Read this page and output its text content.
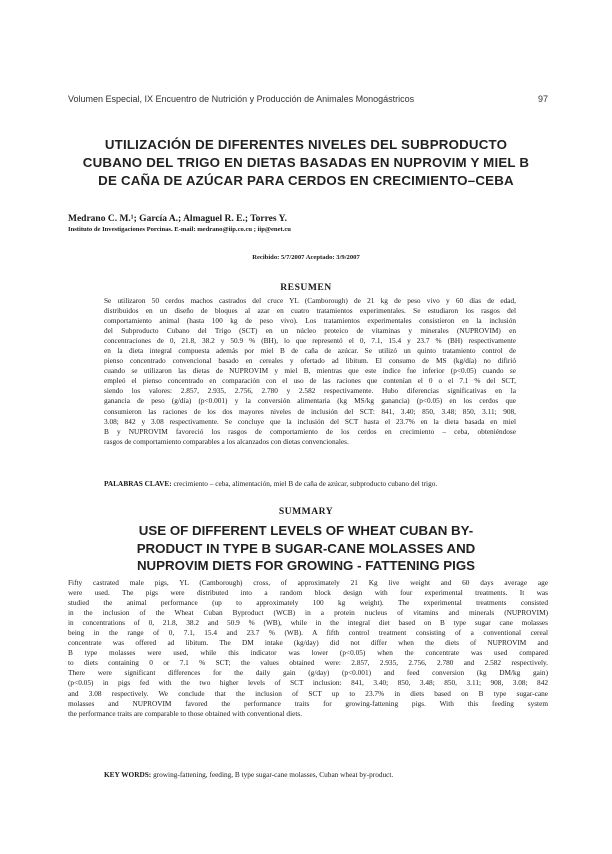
Volumen Especial, IX Encuentro de Nutrición y Producción de Animales Monogástricos	97
UTILIZACIÓN DE DIFERENTES NIVELES DEL SUBPRODUCTO
CUBANO DEL TRIGO EN DIETAS BASADAS EN NUPROVIM Y MIEL B
DE CAÑA DE AZÚCAR PARA CERDOS EN CRECIMIENTO–CEBA
Medrano C. M.¹; García A.; Almaguel R. E.; Torres Y.
Instituto de Investigaciones Porcinas. E-mail: medrano@iip.co.cu ; iip@enet.cu
Recibido: 5/7/2007 Aceptado: 3/9/2007
RESUMEN
Se utilizaron 50 cerdos machos castrados del cruce YL (Camborough) de 21 kg de peso vivo y 60 días de edad,
distribuidos en un diseño de bloques al azar en cuatro tratamientos experimentales. Se estudiaron los rasgos del
comportamiento animal (hasta 100 kg de peso vivo). Los tratamientos experimentales consistieron en la inclusión
del Subproducto Cubano del Trigo (SCT) en un núcleo proteico de vitaminas y minerales (NUPROVIM) en
concentraciones de 0, 21.8, 38.2 y 50.9 % (BH), lo que representó el 0, 7.1, 15.4 y 23.7 % (BH) respectivamente
en la dieta integral compuesta además por miel B de caña de azúcar. Se utilizó un quinto tratamiento control de
pienso concentrado convencional basado en cereales y ofertado ad libitum. El consumo de MS (kg/día) no difirió
cuando se utilizaron las dietas de NUPROVIM y miel B, mientras que este índice fue inferior (p<0.05) cuando se
empleó el pienso concentrado en comparación con el uso de las raciones que contenían el 0 o el 7.1 % del SCT,
siendo los valores: 2.857, 2.935, 2.756, 2.780 y 2.582 respectivamente. Hubo diferencias significativas en la
ganancia de peso (g/día) (p<0.001) y la conversión alimentaria (kg MS/kg ganancia) (p<0.05) en los cerdos que
consumieron las raciones de los dos mayores niveles de inclusión del SCT: 841, 3.40; 850, 3.48; 850, 3.11; 908,
3.08; 842 y 3.08 respectivamente. Se concluye que la inclusión del SCT hasta el 23.7% en la dieta basada en miel
B y NUPROVIM favoreció los rasgos de comportamiento de los cerdos en crecimiento – ceba, obteniéndose
rasgos de comportamiento comparables a los alcanzados con dietas convencionales.
PALABRAS CLAVE: crecimiento – ceba, alimentación, miel B de caña de azúcar, subproducto cubano del trigo.
SUMMARY
USE OF DIFFERENT LEVELS OF WHEAT CUBAN BY-
PRODUCT IN TYPE B SUGAR-CANE MOLASSES AND
NUPROVIM DIETS FOR GROWING - FATTENING PIGS
Fifty castrated male pigs, YL (Camborough) cross, of approximately 21 Kg live weight and 60 days average age
were used. The pigs were distributed into a random block design with four experimental treatments. It was
studied the animal performance (up to approximately 100 kg weight). The experimental treatments consisted
in the inclusion of the Wheat Cuban Byproduct (WCB) in a protein nucleus of vitamins and minerals (NUPROVIM)
in concentrations of 0, 21.8, 38.2 and 50.9 % (WB), while in the integral diet based on B type sugar cane molasses
being in the range of 0, 7.1, 15.4 and 23.7 % (WB). A fifth control treatment consisting of a conventional cereal
concentrate was offered ad libitum. The DM intake (kg/day) did not differ when the diets of NUPROVIM and
B type molasses were used, while this indicator was lower (p<0.05) when the concentrate was used compared
to diets containing 0 or 7.1 % SCT; the values obtained were: 2.857, 2.935, 2.756, 2.780 and 2.582 respectively.
There were significant differences for the daily gain (g/day) (p<0.001) and feed conversion (kg DM/kg gain)
(p<0.05) in pigs fed with the two higher levels of SCT inclusion: 841, 3.40; 850, 3.48; 850, 3.11; 908, 3.08; 842
and 3.08 respectively. We conclude that the inclusion of SCT up to 23.7% in diets based on B type sugar-cane
molasses and NUPROVIM favored the performance traits for growing-fattening pigs. With this feeding system
the performance traits are comparable to those obtained with conventional diets.
KEY WORDS: growing-fattening, feeding, B type sugar-cane molasses, Cuban wheat by-product.
